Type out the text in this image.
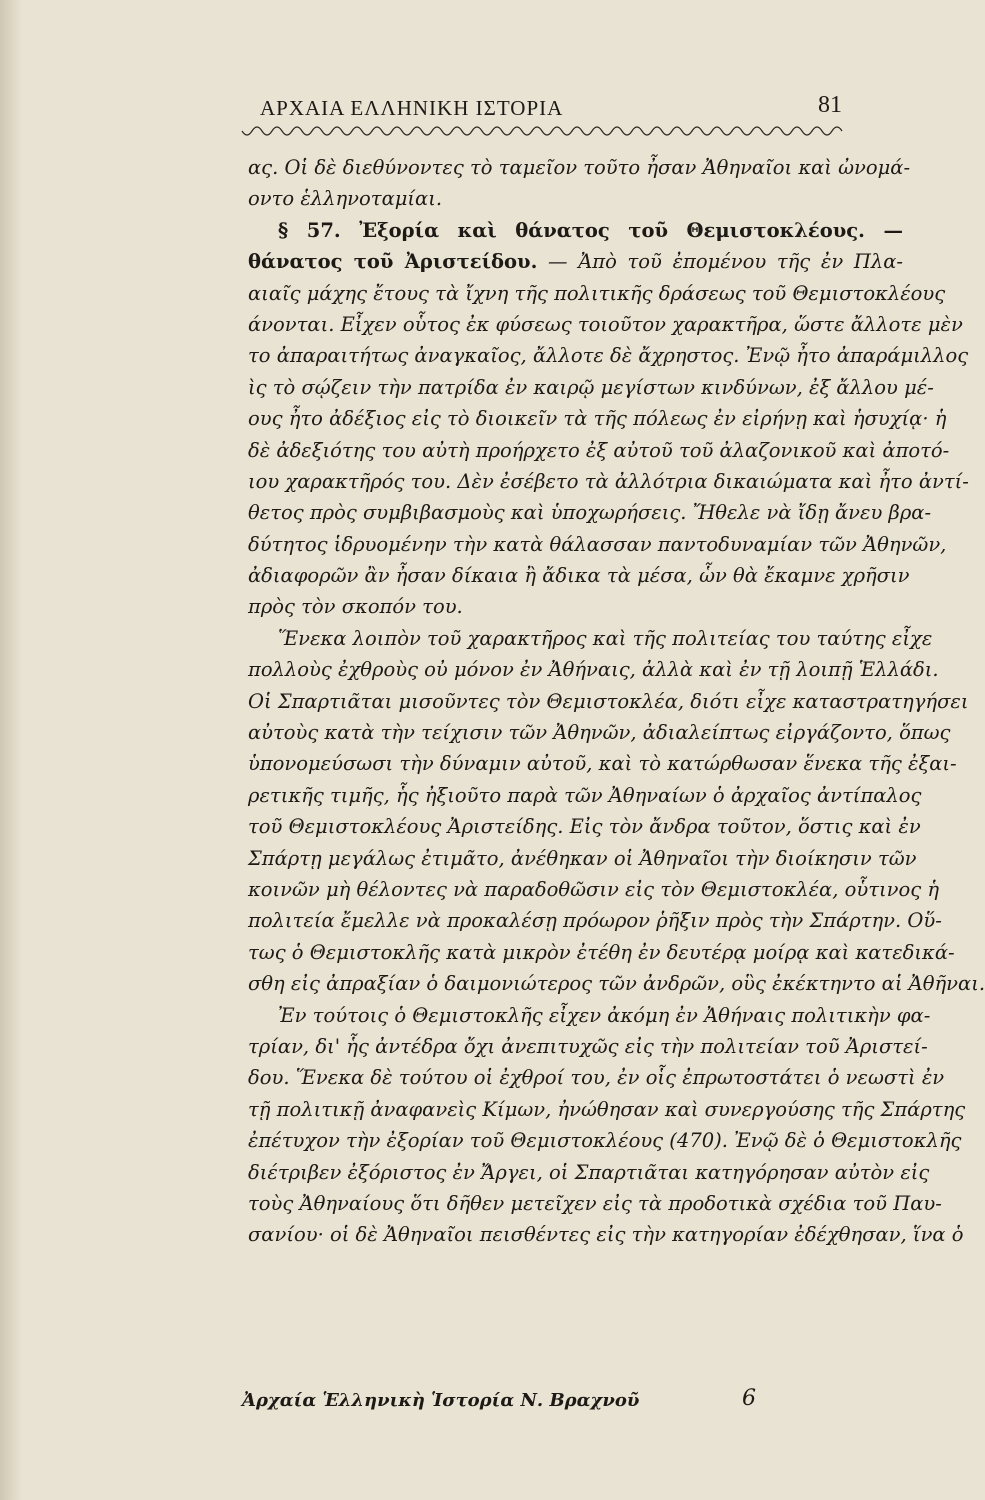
ΑΡΧΑΙΑ ΕΛΛΗΝΙΚΗ ΙΣΤΟΡΙΑ	81
ας. Οἱ δὲ διεθύνοντες τὸ ταμεῖον τοῦτο ἦσαν Ἀθηναῖοι καὶ ὠνομά-
οντο ἑλληνοταμίαι.
§ 57. Ἐξορία καὶ θάνατος τοῦ Θεμιστοκλέους. —
θάνατος τοῦ Ἀριστείδου. — Ἀπὸ τοῦ ἐπομένου τῆς ἐν Πλα-
αιαῖς μάχης ἔτους τὰ ἴχνη τῆς πολιτικῆς δράσεως τοῦ Θεμιστοκλέους
άνονται. Εἶχεν οὗτος ἐκ φύσεως τοιοῦτον χαρακτῆρα, ὥστε ἄλλοτε μὲν
το ἀπαραιτήτως ἀναγκαῖος, ἄλλοτε δὲ ἄχρηστος. Ἐνῷ ἦτο ἀπαράμιλλος
ὶς τὸ σῴζειν τὴν πατρίδα ἐν καιρῷ μεγίστων κινδύνων, ἐξ ἄλλου μέ-
ους ἦτο ἀδέξιος εἰς τὸ διοικεῖν τὰ τῆς πόλεως ἐν εἰρήνῃ καὶ ἡσυχίᾳ· ἡ
δὲ ἀδεξιότης του αὐτὴ προήρχετο ἐξ αὐτοῦ τοῦ ἀλαζονικοῦ καὶ ἀποτό-
ιου χαρακτῆρός του. Δὲν ἐσέβετο τὰ ἀλλότρια δικαιώματα καὶ ἦτο ἀντί-
θετος πρὸς συμβιβασμοὺς καὶ ὑποχωρήσεις. Ἤθελε νὰ ἴδῃ ἄνευ βρα-
δύτητος ἱδρυομένην τὴν κατὰ θάλασσαν παντοδυναμίαν τῶν Ἀθηνῶν,
ἀδιαφορῶν ἂν ἦσαν δίκαια ἢ ἄδικα τὰ μέσα, ὧν θὰ ἔκαμνε χρῆσιν
πρὸς τὸν σκοπόν του.
Ἕνεκα λοιπὸν τοῦ χαρακτῆρος καὶ τῆς πολιτείας του ταύτης εἶχε
πολλοὺς ἐχθροὺς οὐ μόνον ἐν Ἀθήναις, ἀλλὰ καὶ ἐν τῇ λοιπῇ Ἑλλάδι.
Οἱ Σπαρτιᾶται μισοῦντες τὸν Θεμιστοκλέα, διότι εἶχε καταστρατηγήσει
αὐτοὺς κατὰ τὴν τείχισιν τῶν Ἀθηνῶν, ἀδιαλείπτως εἰργάζοντο, ὅπως
ὑπονομεύσωσι τὴν δύναμιν αὐτοῦ, καὶ τὸ κατώρθωσαν ἕνεκα τῆς ἐξαι-
ρετικῆς τιμῆς, ἧς ἠξιοῦτο παρὰ τῶν Ἀθηναίων ὁ ἀρχαῖος ἀντίπαλος
τοῦ Θεμιστοκλέους Ἀριστείδης. Εἰς τὸν ἄνδρα τοῦτον, ὅστις καὶ ἐν
Σπάρτῃ μεγάλως ἐτιμᾶτο, ἀνέθηκαν οἱ Ἀθηναῖοι τὴν διοίκησιν τῶν
κοινῶν μὴ θέλοντες νὰ παραδοθῶσιν εἰς τὸν Θεμιστοκλέα, οὗτινος ἡ
πολιτεία ἔμελλε νὰ προκαλέσῃ πρόωρον ῥῆξιν πρὸς τὴν Σπάρτην. Οὕ-
τως ὁ Θεμιστοκλῆς κατὰ μικρὸν ἐτέθη ἐν δευτέρᾳ μοίρᾳ καὶ κατεδικά-
σθη εἰς ἀπραξίαν ὁ δαιμονιώτερος τῶν ἀνδρῶν, οὓς ἐκέκτηντο αἱ Ἀθῆναι.
Ἐν τούτοις ὁ Θεμιστοκλῆς εἶχεν ἀκόμη ἐν Ἀθήναις πολιτικὴν φα-
τρίαν, δι' ἧς ἀντέδρα ὄχι ἀνεπιτυχῶς εἰς τὴν πολιτείαν τοῦ Ἀριστεί-
δου. Ἕνεκα δὲ τούτου οἱ ἐχθροί του, ἐν οἷς ἐπρωτοστάτει ὁ νεωστὶ ἐν
τῇ πολιτικῇ ἀναφανεὶς Κίμων, ἠνώθησαν καὶ συνεργούσης τῆς Σπάρτης
ἐπέτυχον τὴν ἐξορίαν τοῦ Θεμιστοκλέους (470). Ἐνῷ δὲ ὁ Θεμιστοκλῆς
διέτριβεν ἐξόριστος ἐν Ἄργει, οἱ Σπαρτιᾶται κατηγόρησαν αὐτὸν εἰς
τοὺς Ἀθηναίους ὅτι δῆθεν μετεῖχεν εἰς τὰ προδοτικὰ σχέδια τοῦ Παυ-
σανίου· οἱ δὲ Ἀθηναῖοι πεισθέντες εἰς τὴν κατηγορίαν ἐδέχθησαν, ἵνα ὁ
Ἀρχαία Ἑλληνικὴ Ἱστορία Ν. Βραχνοῦ	6
